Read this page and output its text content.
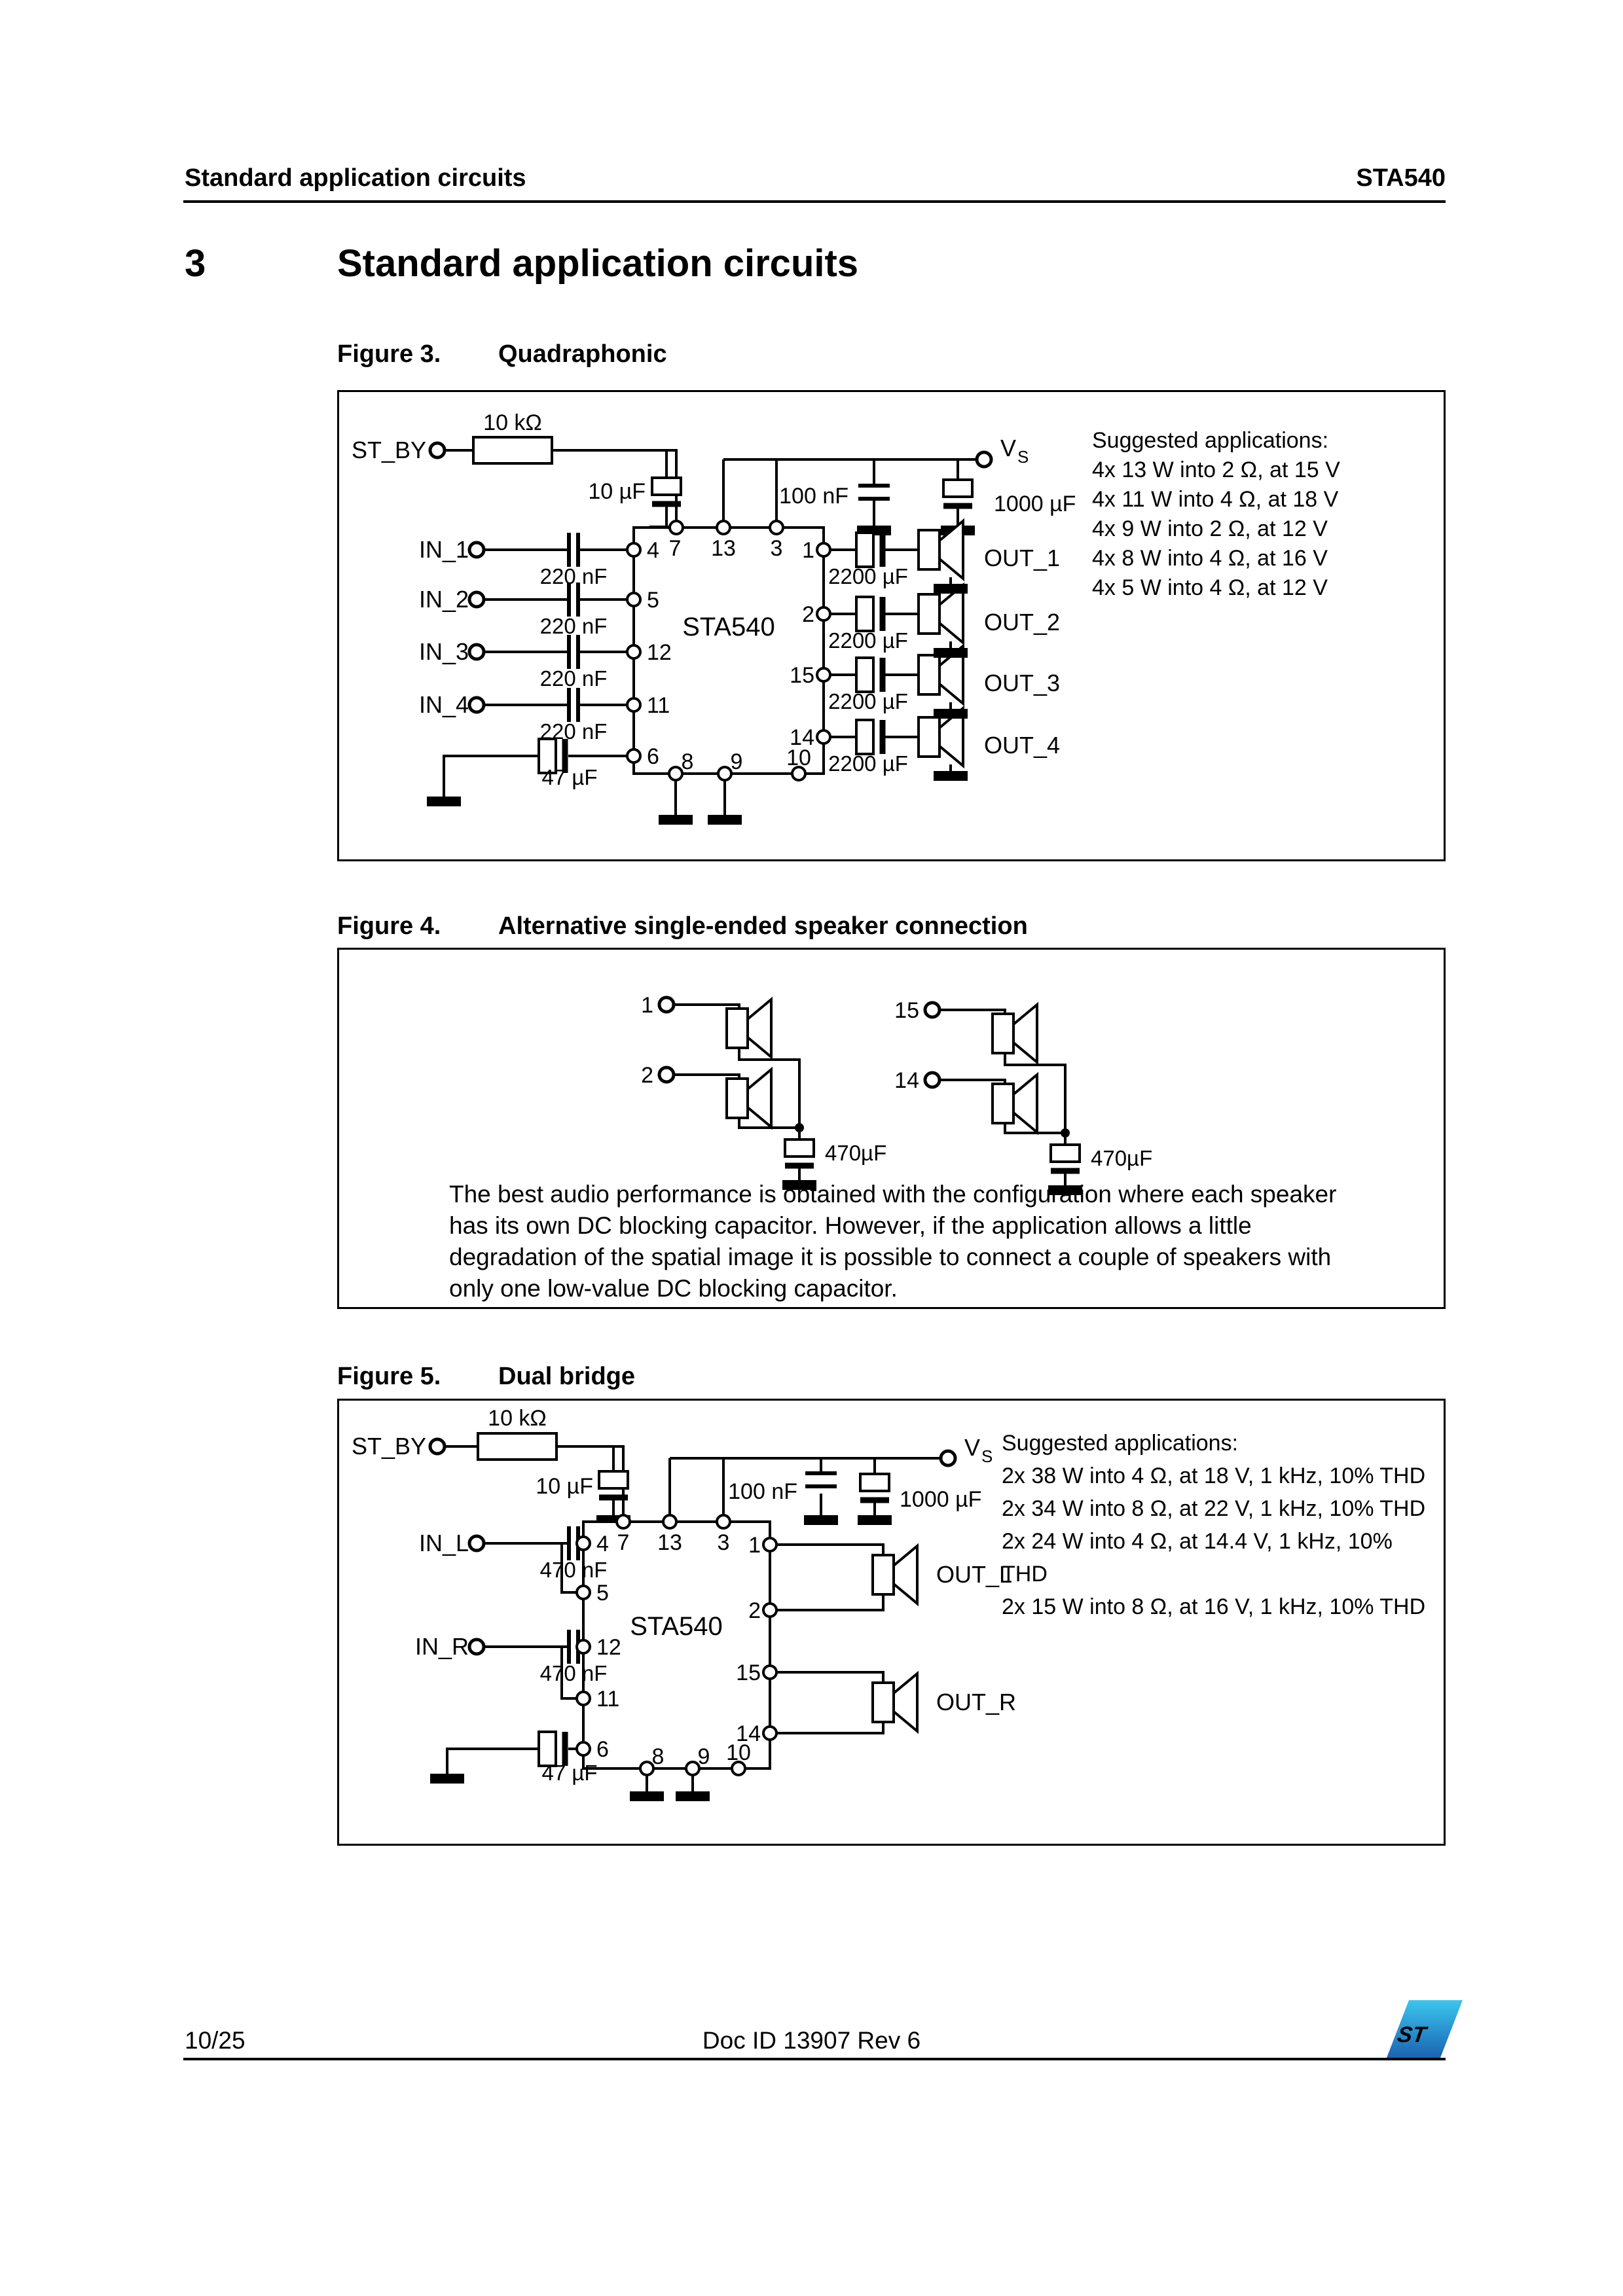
Standard application circuits	STA540
3	Standard application circuits
Figure 3. Quadraphonic
STA540
10 kΩ
ST_BY
10 µF	100 nF	1000 µF
V S
7 13 3
IN_1
IN_2
IN_3
IN_4
4
5
12
11
6
220 nF
220 nF
220 nF
220 nF
47 µF
8 9 10
1
2
15
14
2200 µF
2200 µF
2200 µF
2200 µF
OUT_1
OUT_2
OUT_3
OUT_4
Suggested applications:
4x 13 W into 2 Ω, at 15 V
4x 11 W into 4 Ω, at 18 V
4x 9 W into 2 Ω, at 12 V
4x 8 W into 4 Ω, at 16 V
4x 5 W into 4 Ω, at 12 V
Figure 4. Alternative single-ended speaker connection
1
2
15
14
470µF	470µF
The best audio performance is obtained with the configuration where each speaker
has its own DC blocking capacitor. However, if the application allows a little
degradation of the spatial image it is possible to connect a couple of speakers with
only one low-value DC blocking capacitor.
Figure 5. Dual bridge
STA540
10 kΩ
ST_BY
10 µF	100 nF	1000 µF
V S
7 13 3
IN_L
IN_R
4
5
12
11
6
470 nF
470 nF
47 µF
8 9 10
1
2
15
14
OUT_L
OUT_R
Suggested applications:
2x 38 W into 4 Ω, at 18 V, 1 kHz, 10% THD
2x 34 W into 8 Ω, at 22 V, 1 kHz, 10% THD
2x 24 W into 4 Ω, at 14.4 V, 1 kHz, 10% THD
2x 15 W into 8 Ω, at 16 V, 1 kHz, 10% THD
10/25	Doc ID 13907 Rev 6	ST
